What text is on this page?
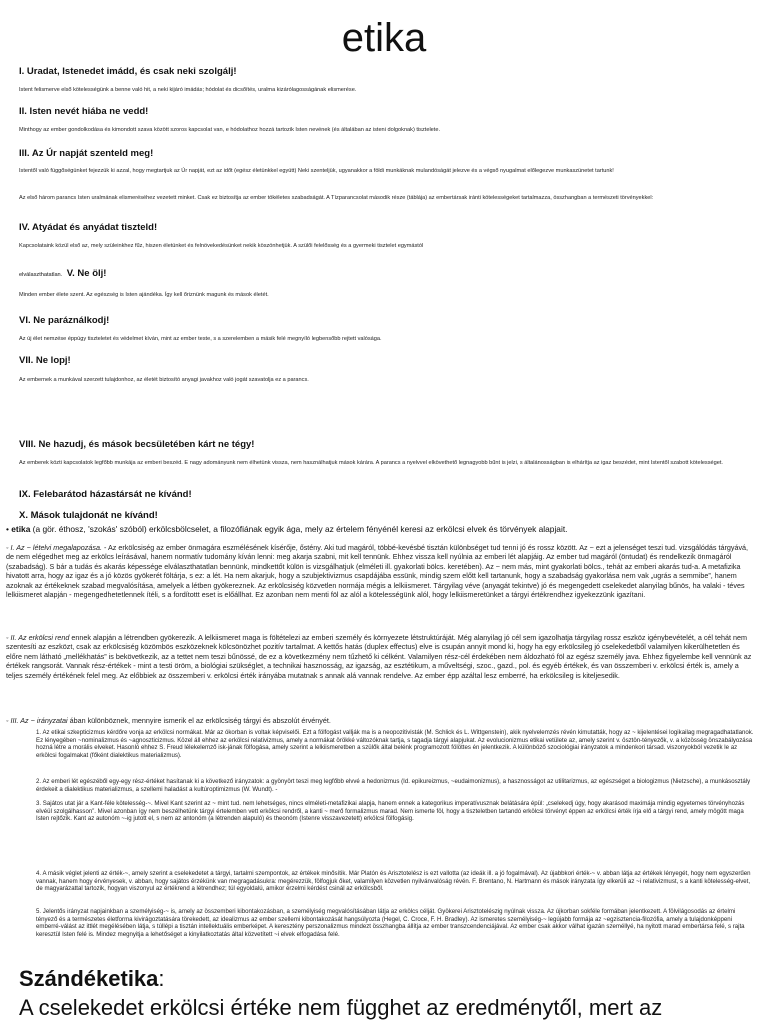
etika
I. Uradat, Istenedet imádd, és csak neki szolgálj!
Istent felismerve első kötelességünk a benne való hit, a neki kijáró imádás; hódolat és dicsőítés, uralma kizárólagosságának elismerése.
II. Isten nevét hiába ne vedd!
Minthogy az ember gondolkodása és kimondott szava között szoros kapcsolat van, e hódolathoz hozzá tartozik Isten nevének (és általában az isteni dolgoknak) tisztelete.
III. Az Úr napját szenteld meg!
Istentől való függőségünket fejezzük ki azzal, hogy megtartjuk az Úr napját, ezt az időt (egész életünkkel együtt) Neki szenteljük, ugyanakkor a földi munkáknak mulandóságát jelezve és a végső nyugalmat előlegezve munkaszünetet tartunk!
Az első három parancs Isten uralmának elismeréséhez vezetett minket. Csak ez biztosítja az ember tökéletes szabadságát. A Tízparancsolat második része (táblája) az embertársak iránti kötelességeket tartalmazza, összhangban a természeti törvényekkel:
IV. Atyádat és anyádat tiszteld!
Kapcsolataink közül első az, mely szüleinkhez fűz, hiszen életünket és felnövekedésünket nekik köszönhetjük. A szülői felelősség és a gyermeki tisztelet egymástól
elválaszthatatlan. V. Ne ölj!
Minden ember élete szent. Az egészség is Isten ajándéka. Így kell őriznünk magunk és mások életét.
VI. Ne paráználkodj!
Az új élet nemzése éppúgy tiszteletet és védelmet kíván, mint az ember teste, s a szerelemben a másik felé megnyíló legbensőbb rejtett valósága.
VII. Ne lopj!
Az embernek a munkával szerzett tulajdonhoz, az életét biztosító anyagi javakhoz való jogát szavatolja ez a parancs.
VIII. Ne hazudj, és mások becsületében kárt ne tégy!
Az emberek közti kapcsolatok legfőbb munkája az emberi beszéd. E nagy adományunk nem élhetünk vissza, nem használhatjuk mások kárára. A parancs a nyelvvel elkövethető legnagyobb bűnt is jelzi, s általánosságban is elhárítja az igaz beszédet, mint Istentől szabott kötelességet.
IX. Felebarátod házastársát ne kívánd!
X. Mások tulajdonát ne kívánd!
• etika (a gör. éthosz, 'szokás' szóból) erkölcsbölcselet, a filozófiának egyik ága, mely az értelem fényénél keresi az erkölcsi elvek és törvények alapjait.
◦ I. Az ~ lételvi megalapozása. - Az erkölcsiség az ember önmagára eszmélésének kísérője, őstény. Aki tud magáról, többé-kevésbé tisztán különbséget tud tenni jó és rossz között. Az ~ ezt a jelenséget teszi tud. vizsgálódás tárgyává, de nem elégedhet meg az erkölcs leírásával, hanem normatív tudomány kíván lenni: meg akarja szabni, mit kell tennünk. Ehhez vissza kell nyúlnia az emberi lét alapjáig. Az ember tud magáról (öntudat) és rendelkezik önmagáról (szabadság). S bár a tudás és akarás képessége elválaszthatatlan bennünk, mindkettőt külön is vizsgálhatjuk (elméleti ill. gyakorlati bölcs. keretében). Az ~ nem más, mint gyakorlati bölcs., tehát az emberi akarás tud-a. A metafizika hivatott arra, hogy az igaz és a jó közös gyökerét föltárja, s ez: a lét. Ha nem akarjuk, hogy a szubjektivizmus csapdájába essünk, mindig szem előtt kell tartanunk, hogy a szabadság gyakorlása nem vak „ugrás a semmibe”, hanem azoknak az értékeknek szabad megvalósítása, amelyek a létben gyökereznek. Az erkölcsiség közvetlen normája mégis a lelkiismeret. Tárgyilag véve (anyagát tekintve) jó és megengedett cselekedet alanyilag bűnös, ha valaki - téves lelkiismeret alapján - megengedhetetlennek ítéli, s a fordítottt eset is előállhat. Ez azonban nem menti föl az alól a kötelességünk alól, hogy lelkiismeretünket a tárgyi értékrendhez igyekezzünk igazítani.
◦ II. Az erkölcsi rend ennek alapján a létrendben gyökerezik. A lelkiismeret maga is föltételezi az emberi személy és környezete létstruktúráját. Még alanyilag jó cél sem igazolhatja tárgyilag rossz eszköz igénybevételét, a cél tehát nem szentesíti az eszközt, csak az erkölcsiség közömbös eszközeknek kölcsönözhet pozitív tartalmat. A kettős hatás (duplex effectus) elve is csupán annyit mond ki, hogy ha egy erkölcsileg jó cselekedetből valamilyen kikerülhetetlen és előre nem látható „mellékhatás” is bekövetkezik, az a tettet nem teszi bűnössé, de ez a következmény nem tűzhető ki célként. Valamilyen rész-cél érdekében nem áldozható föl az egész személy java. Ehhez figyelembe kell vennünk az értékek rangsorát. Vannak rész-értékek - mint a testi öröm, a biológiai szükséglet, a technikai hasznosság, az igazság, az esztétikum, a műveltségi, szoc., gazd., pol. és egyéb értékek, és van összemberi v. erkölcsi érték is, amely a teljes személy értékének felel meg. Az előbbiek az összemberi v. erkölcsi érték irányába mutatnak s annak alá vannak rendelve. Az ember épp azáltal lesz emberré, ha erkölcsileg is kiteljesedik.
◦ III. Az ~ irányzatai ában különböznek, mennyire ismerik el az erkölcsiség tárgyi és abszolút érvényét.
1. Az etikai szkepticizmus kérdőre vonja az erkölcsi normákat. Már az ókorban is voltak képviselői. Ezt a fölfogást vallják ma is a neopozitivisták (M. Schlick és L. Wittgenstein), akik nyelvelemzés révén kimutatták, hogy az ~ kijelentései logikailag megragadhatatlanok. Ez lényegében ~nominalizmus és ~agnoszticizmus. Közel áll ehhez az erkölcsi relativizmus, amely a normákat örökké változóknak tartja, s tagadja tárgyi alapjukat. Az evolucionizmus etikai vetülete az, amely szerint v. ösztön-tényezők, v. a közösség önszabályozása hozná létre a morális elveket. Hasonló ehhez S. Freud lélekelemző isk-jának fölfogása, amely szerint a lelkiismeretben a szülők által belénk programozott fölöttes én jelentkezik. A különböző szociológiai irányzatok a mindenkori társad. viszonyokból vezetik le az erkölcsi fogalmakat (főként dialektikus materializmus).
2. Az emberi lét egészéből egy-egy rész-értéket hasítanak ki a következő irányzatok: a gyönyört teszi meg legfőbb elvvé a hedonizmus (Id. epikureizmus, ~eudaimonizmus), a hasznosságot az utilitarizmus, az egészséget a biologizmus (Nietzsche), a munkásosztály érdekeit a dialektikus materializmus, a szellemi haladást a kultúroptimizmus (W. Wundt). -
3. Sajátos utat jár a Kant-féle kötelesség-~. Mivel Kant szerint az ~ mint tud. nem lehetséges, nincs elméleti-metafizikai alapja, hanem ennek a kategorikus imperatívusznak belátására épül: „cselekedj úgy, hogy akarásod maximája mindig egyetemes törvényhozás elvéül szolgálhasson”. Mivel azonban így nem beszélhetünk tárgyi értelemben vett erkölcsi rendről, a kanti ~ merő formalizmus marad. Nem ismerte föl, hogy a tiszteletben tartandó erkölcsi törvényt éppen az erkölcsi érték írja elő a tárgyi rend, amely mögött maga Isten rejtőzik. Kant az autonóm ~-ig jutott el, s nem az antonóm (a létrenden alapuló) és theonóm (Istenre visszavezetett) erkölcsi fölfogásig.
4. A másik véglet jelenti az érték-~, amely szerint a cselekedetet a tárgyi, tartalmi szempontok, az értékek minősítik. Már Platón és Arisztotelész is ezt vallotta (az ideák ill. a jó fogalmával). Az újabbkori érték-~ v. abban látja az értékek lényegét, hogy nem egyszerűen vannak, hanem hogy érvényesek, v. abban, hogy sajátos érzékünk van megragadásukra: megérezzük, fölfogjuk őket, valamilyen közvetlen nyilvánvalóság révén. F. Brentano, N. Hartmann és mások irányzata így elkerüli az ~i relativizmust, s a kanti kötelesség-elvet, de magyarázattal tartozik, hogyan viszonyul az értékrend a létrendhez; túl egyoldalú, amikor érzelmi kérdést csinál az erkölcsből.
5. Jelentős irányzat napjainkban a személyiség-~ is, amely az összemberi kibontakozásban, a személyiség megvalósításában látja az erkölcs célját. Gyökerei Arisztotelészig nyúlnak vissza. Az újkorban sokféle formában jelentkezett. A fölvilágosodás az értelmi tényező és a természetes életforma kivirágoztatására törekedett, az idealizmus az ember szellemi kibontakozását hangsúlyozta (Hegel, C. Croce, F. H. Bradley). Az ismeretes személyiség-~ legújabb formája az ~egzisztencia-filozófia, amely a tulajdonképpeni emberré-válást az ittlét megélésében látja, s túllépi a tisztán intellektuális emberképet. A keresztény perszonalizmus mindezt összhangba állítja az ember transzcendenciájával. Az ember csak akkor válhat igazán személlyé, ha nyitott marad embertársa felé, s rajta keresztül Isten felé is. Mindez megnyitja a lehetőséget a kinyilatkoztatás által közvetített ~i elvek elfogadása felé.
Szándéketika:
A cselekedet erkölcsi értéke nem függhet az eredménytől, mert az
